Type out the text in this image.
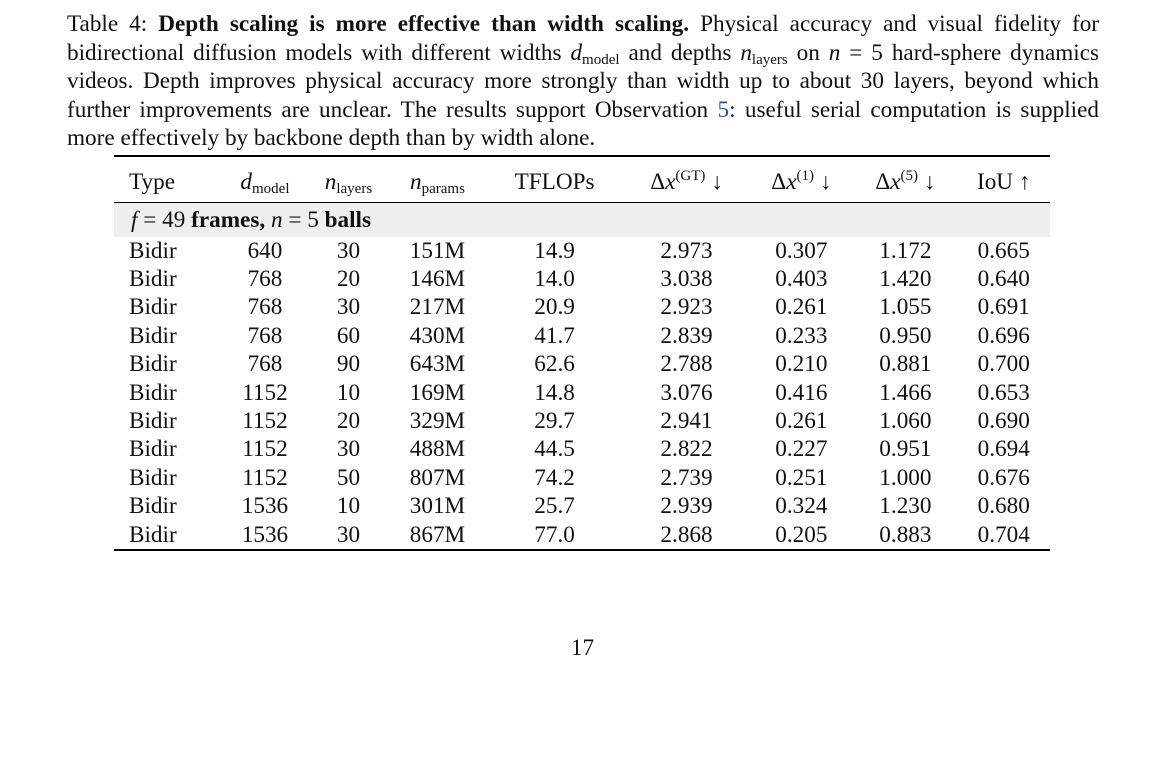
Table 4: Depth scaling is more effective than width scaling. Physical accuracy and visual fidelity for bidirectional diffusion models with different widths $d_{model}$ and depths $n_{layers}$ on n = 5 hard-sphere dynamics videos. Depth improves physical accuracy more strongly than width up to about 30 layers, beyond which further improvements are unclear. The results support Observation 5: useful serial computation is supplied more effectively by backbone depth than by width alone.
Type	$d_{model}$	$n_{layers}$	$n_{params}$	TFLOPs	$\Delta x^{(GT)}$ ↓	$\Delta x^{(1)}$ ↓	$\Delta x^{(5)}$ ↓	IoU ↑
f = 49 frames, n = 5 balls								
Bidir	640	30	151M	14.9	2.973	0.307	1.172	0.665
Bidir	768	20	146M	14.0	3.038	0.403	1.420	0.640
Bidir	768	30	217M	20.9	2.923	0.261	1.055	0.691
Bidir	768	60	430M	41.7	2.839	0.233	0.950	0.696
Bidir	768	90	643M	62.6	2.788	0.210	0.881	0.700
Bidir	1152	10	169M	14.8	3.076	0.416	1.466	0.653
Bidir	1152	20	329M	29.7	2.941	0.261	1.060	0.690
Bidir	1152	30	488M	44.5	2.822	0.227	0.951	0.694
Bidir	1152	50	807M	74.2	2.739	0.251	1.000	0.676
Bidir	1536	10	301M	25.7	2.939	0.324	1.230	0.680
Bidir	1536	30	867M	77.0	2.868	0.205	0.883	0.704
17
